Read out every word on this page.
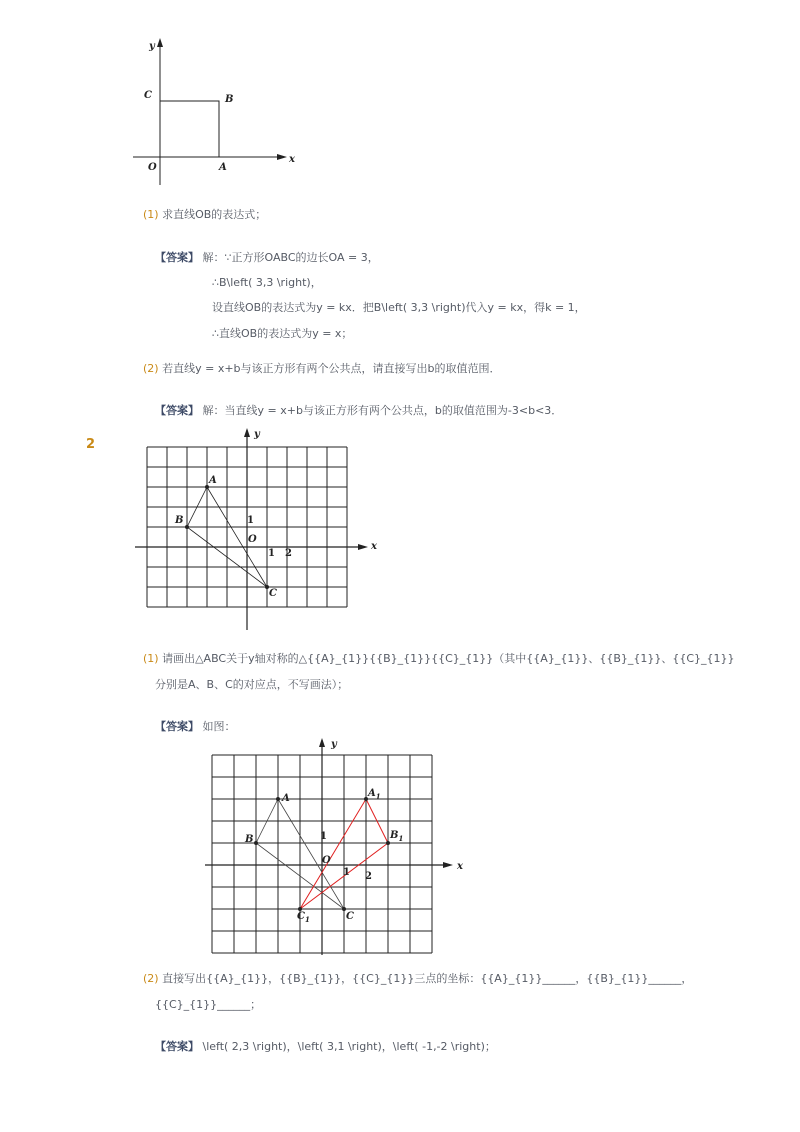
y
x
C	B
O	A
(1) 求直线OB的表达式；
【答案】 解：∵正方形OABC的边长OA = 3，
∴B\left( 3,3 \right)，
设直线OB的表达式为y = kx．把B\left( 3,3 \right)代入y = kx，得k = 1，
∴直线OB的表达式为y = x；
(2) 若直线y = x+b与该正方形有两个公共点，请直接写出b的取值范围．
【答案】 解：当直线y = x+b与该正方形有两个公共点，b的取值范围为-3<b<3．
2
y
x
A
B
C
O
1
1 2
(1) 请画出△ABC关于y轴对称的△{{A}_{1}}{{B}_{1}}{{C}_{1}}（其中{{A}_{1}}、{{B}_{1}}、{{C}_{1}}
分别是A、B、C的对应点，不写画法）；
【答案】 如图：
y
x
A
B
C
O
$A_1$
$B_1$
$C_1$
1
1 2
(2) 直接写出{{A}_{1}}，{{B}_{1}}，{{C}_{1}}三点的坐标：{{A}_{1}}______，{{B}_{1}}______，
{{C}_{1}}______；
【答案】 \left( 2,3 \right)，\left( 3,1 \right)，\left( -1,-2 \right)；
